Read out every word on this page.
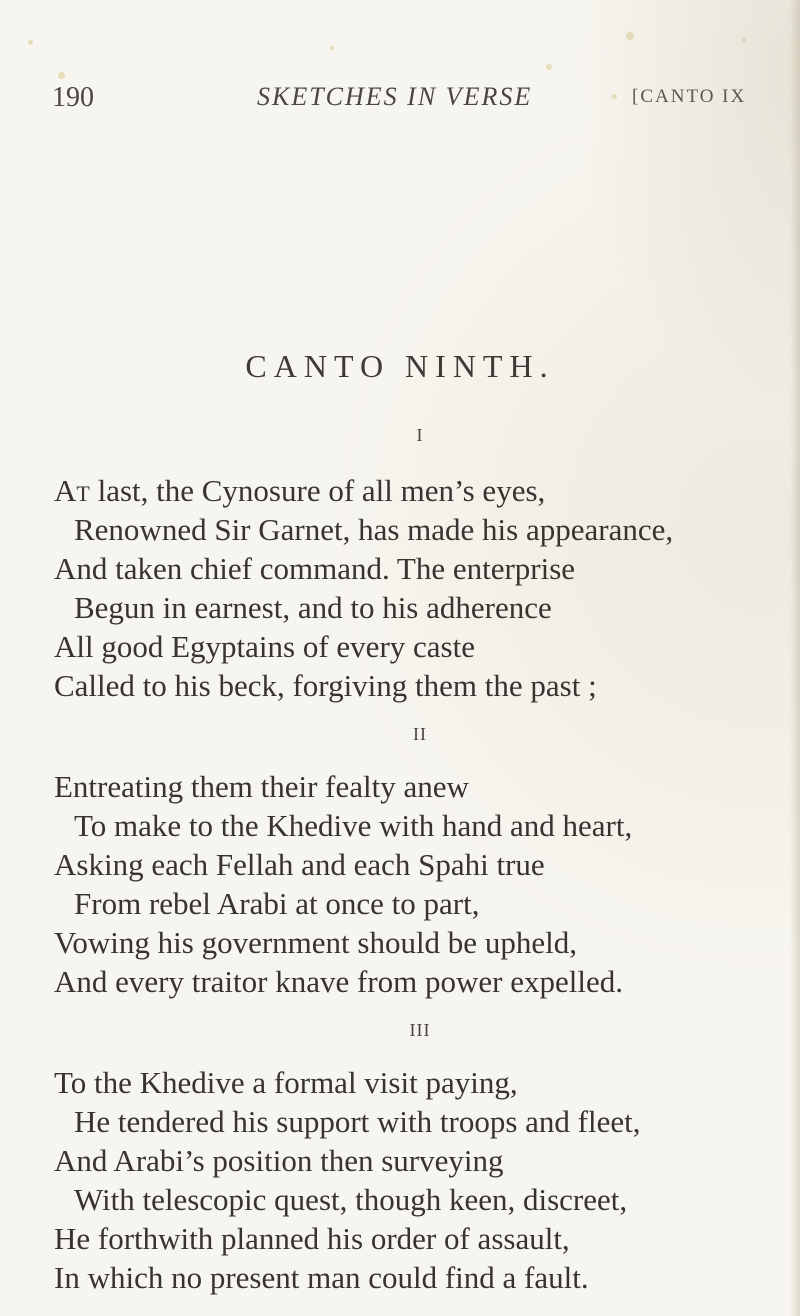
190	SKETCHES IN VERSE	[CANTO IX
CANTO NINTH.
I
At last, the Cynosure of all men’s eyes,
Renowned Sir Garnet, has made his appearance,
And taken chief command. The enterprise
Begun in earnest, and to his adherence
All good Egyptains of every caste
Called to his beck, forgiving them the past ;
II
Entreating them their fealty anew
To make to the Khedive with hand and heart,
Asking each Fellah and each Spahi true
From rebel Arabi at once to part,
Vowing his government should be upheld,
And every traitor knave from power expelled.
III
To the Khedive a formal visit paying,
He tendered his support with troops and fleet,
And Arabi’s position then surveying
With telescopic quest, though keen, discreet,
He forthwith planned his order of assault,
In which no present man could find a fault.
